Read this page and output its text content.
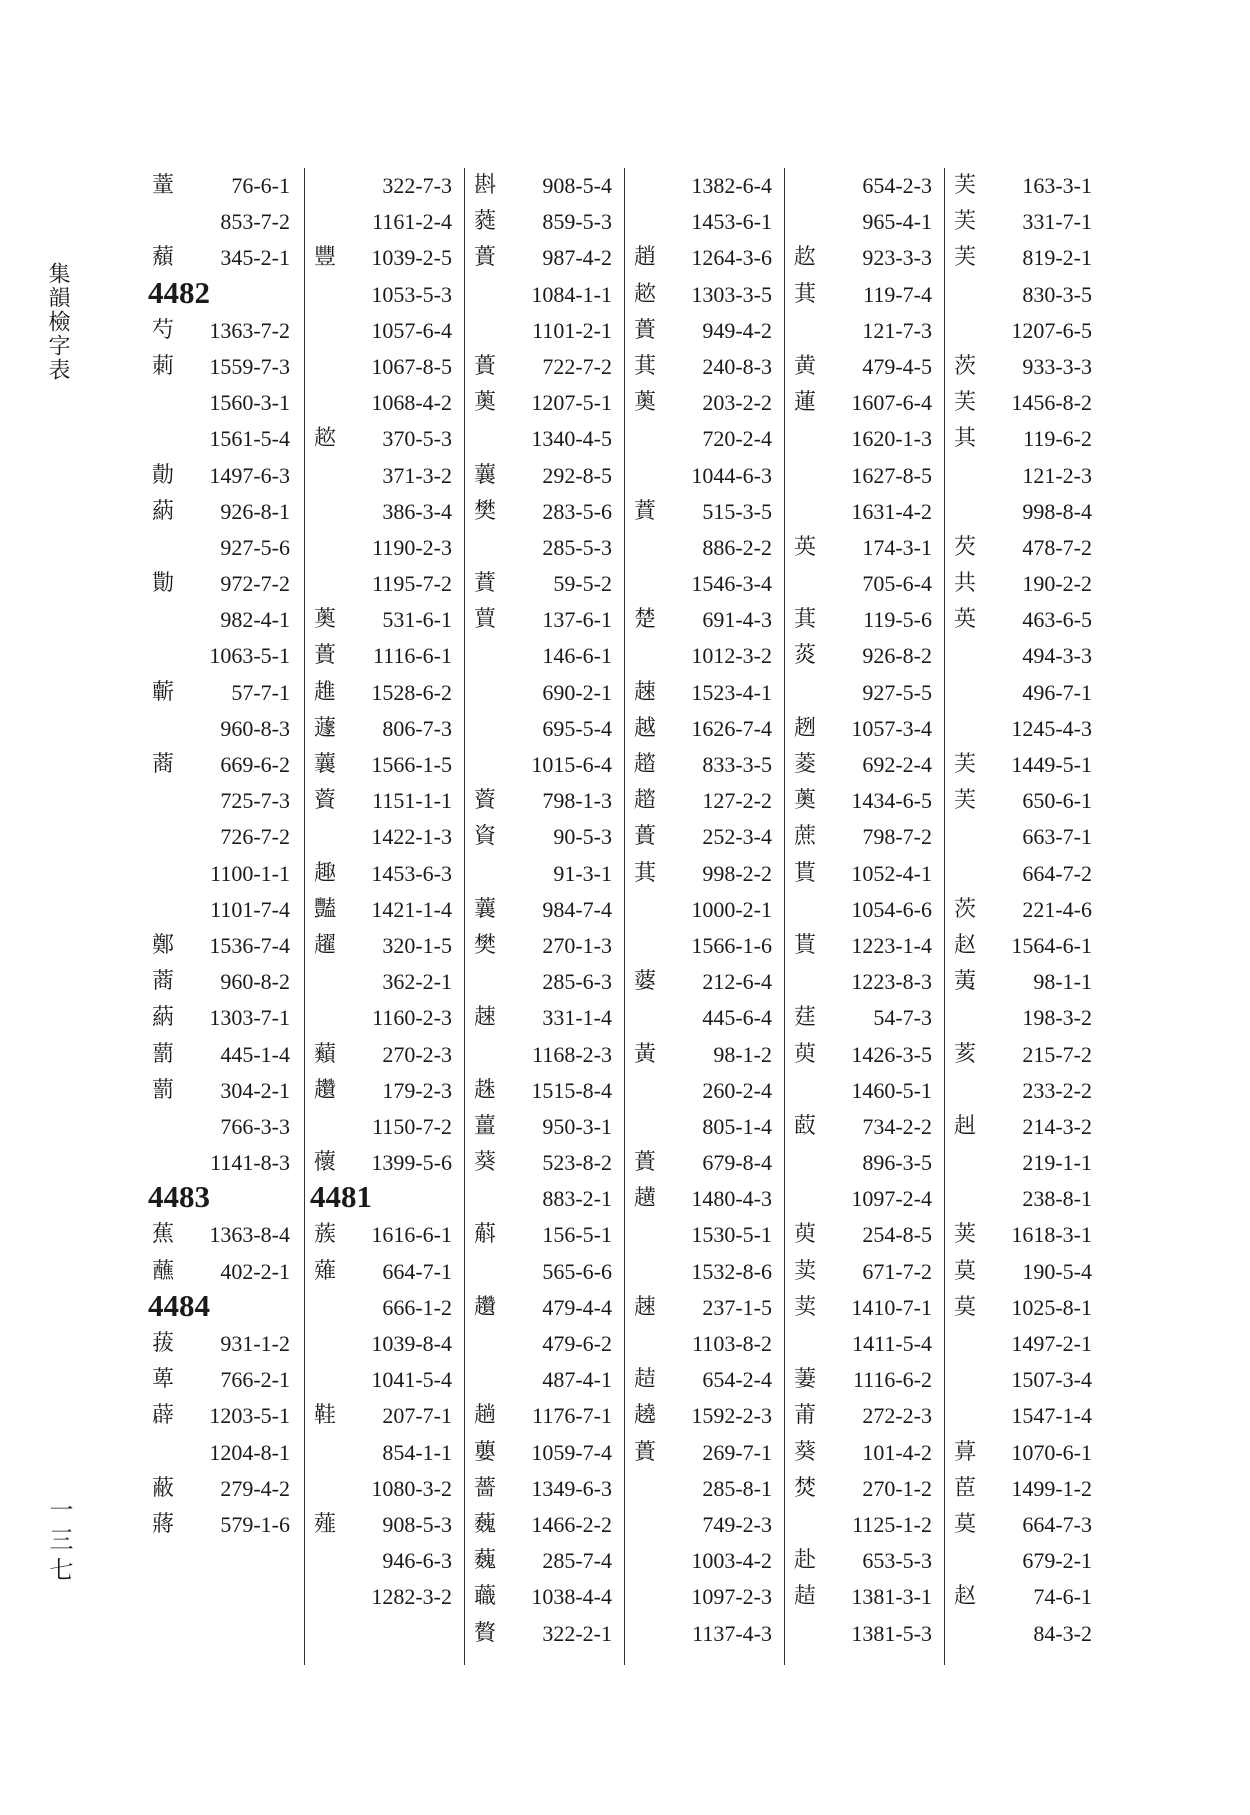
集韻檢字表
一三七
蕫	76-6-1
853-7-2
蘈 345-2-1
4482
芍 1363-7-2
莿 1559-7-3
1560-3-1
1561-5-4
勣 1497-6-3
蒳 926-8-1
927-5-6
勩 972-7-2
982-4-1
1063-5-1
蘄	57-7-1
960-8-3
蔏 669-6-2
725-7-3
726-7-2
1100-1-1
1101-7-4
鄭 1536-7-4
蔏 960-8-2
蒳 1303-7-1
藅 445-1-4
藅 304-2-1
766-3-3
1141-8-3
4483
蕉 1363-8-4
蘸 402-2-1
4484
菝 931-1-2
萆 766-2-1
薜 1203-5-1
1204-8-1
蔽 279-4-2
蔣 579-1-6
322-7-3
1161-2-4
豐 1039-2-5
1053-5-3
1057-6-4
1067-8-5
1068-4-2
趑 370-5-3
371-3-2
386-3-4
1190-2-3
1195-7-2
薁 531-6-1
蕢 1116-6-1
趡 1528-6-2
蘧 806-7-3
蘘 1566-1-5
薋 1151-1-1
1422-1-3
趣 1453-6-3
豔 1421-1-4
趯 320-1-5
362-2-1
1160-2-3
蘱 270-2-3
趲 179-2-3
1150-7-2
蘹 1399-5-6
4481
蔟 1616-6-1
薙 664-7-1
666-1-2
1039-8-4
1041-5-4
鞋 207-7-1
854-1-1
1080-3-2
薤 908-5-3
946-6-3
1282-3-2
斟 908-5-4
蕤 859-5-3
蕢 987-4-2
1084-1-1
1101-2-1
蕢 722-7-2
薁 1207-5-1
1340-4-5
蘘 292-8-5
樊 283-5-6
285-5-3
蕡	59-5-2
蕒 137-6-1
146-6-1
690-2-1
695-5-4
1015-6-4
薋 798-1-3
資	90-5-3
91-3-1
蘘 984-7-4
樊 270-1-3
285-6-3
趚 331-1-4
1168-2-3
趎 1515-8-4
薑 950-3-1
葵 523-8-2
883-2-1
蔛 156-5-1
565-6-6
趲 479-4-4
479-6-2
487-4-1
趟 1176-7-1
蘡 1059-7-4
薔 1349-6-3
蘶 1466-2-2
蘶 285-7-4
蘵 1038-4-4
贅 322-2-1
1382-6-4
1453-6-1
趙 1264-3-6
趑 1303-3-5
蕢 949-4-2
萁 240-8-3
薁 203-2-2
720-2-4
1044-6-3
蕡 515-3-5
886-2-2
1546-3-4
楚 691-4-3
1012-3-2
趚 1523-4-1
越 1626-7-4
趦 833-3-5
趦 127-2-2
蕢 252-3-4
萁 998-2-2
1000-2-1
1566-1-6
蔢 212-6-4
445-6-4
黃	98-1-2
260-2-4
805-1-4
蕢 679-8-4
趪 1480-4-3
1530-5-1
1532-8-6
趚 237-1-5
1103-8-2
趌 654-2-4
趬 1592-2-3
蕢 269-7-1
285-8-1
749-2-3
1003-4-2
1097-2-3
1137-4-3
654-2-3
965-4-1
赼 923-3-3
萁 119-7-4
121-7-3
黄 479-4-5
蓮 1607-6-4
1620-1-3
1627-8-5
1631-4-2
英 174-3-1
705-6-4
萁 119-5-6
菼 926-8-2
927-5-5
趔 1057-3-4
菱 692-2-4
薁 1434-6-5
蔗 798-7-2
貰 1052-4-1
1054-6-6
貰 1223-1-4
1223-8-3
莛	54-7-3
萸 1426-3-5
1460-5-1
菣 734-2-2
896-3-5
1097-2-4
萸 254-8-5
荬 671-7-2
荬 1410-7-1
1411-5-4
萋 1116-6-2
莆 272-2-3
葵 101-4-2
焚 270-1-2
1125-1-2
赴 653-5-3
趌 1381-3-1
1381-5-3
芙 163-3-1
芙 331-7-1
芙 819-2-1
830-3-5
1207-6-5
茨 933-3-3
芙 1456-8-2
其 119-6-2
121-2-3
998-8-4
芡 478-7-2
共 190-2-2
英 463-6-5
494-3-3
496-7-1
1245-4-3
芙 1449-5-1
芙 650-6-1
663-7-1
664-7-2
茨 221-4-6
赵 1564-6-1
荑	98-1-1
198-3-2
荄 215-7-2
233-2-2
赳 214-3-2
219-1-1
238-8-1
荚 1618-3-1
莫 190-5-4
莫 1025-8-1
1497-2-1
1507-3-4
1547-1-4
萛 1070-6-1
茞 1499-1-2
莫 664-7-3
679-2-1
赵	74-6-1
84-3-2
